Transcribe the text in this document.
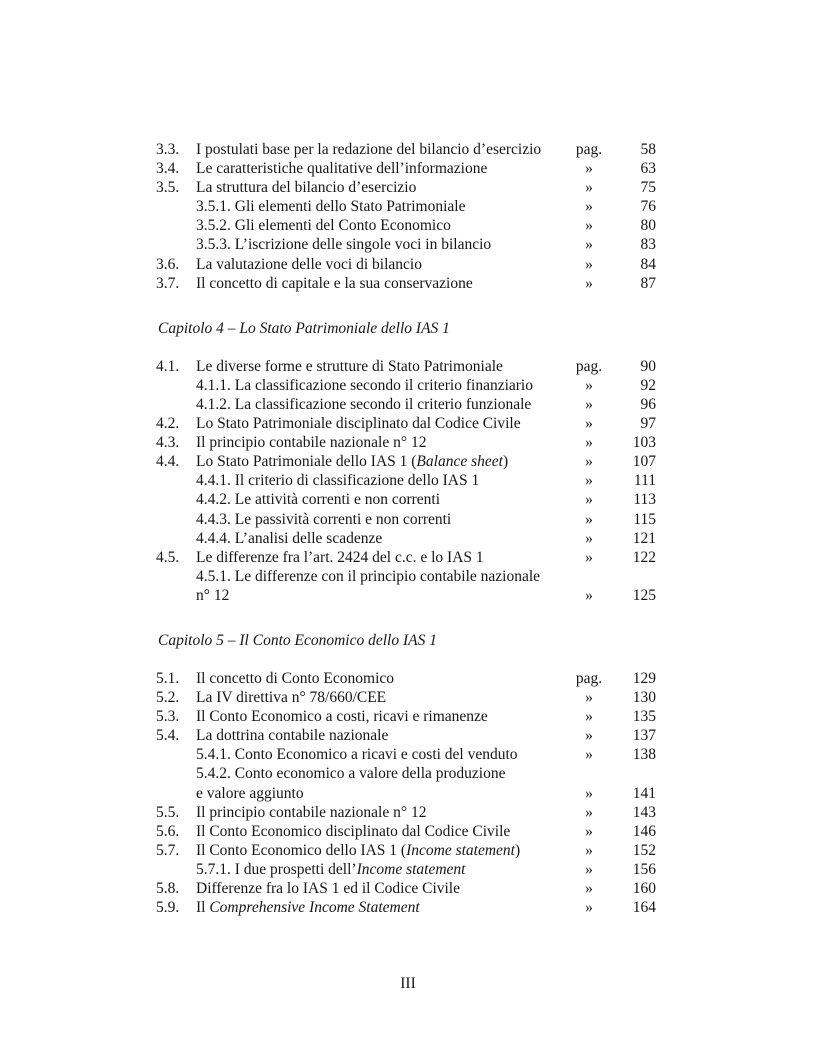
3.3.	I postulati base per la redazione del bilancio d’esercizio	pag.	58
3.4.	Le caratteristiche qualitative dell’informazione	»	63
3.5.	La struttura del bilancio d’esercizio	»	75
3.5.1. Gli elementi dello Stato Patrimoniale	»	76
3.5.2. Gli elementi del Conto Economico	»	80
3.5.3. L’iscrizione delle singole voci in bilancio	»	83
3.6.	La valutazione delle voci di bilancio	»	84
3.7.	Il concetto di capitale e la sua conservazione	»	87
Capitolo 4 – Lo Stato Patrimoniale dello IAS 1
4.1.	Le diverse forme e strutture di Stato Patrimoniale	pag.	90
4.1.1. La classificazione secondo il criterio finanziario	»	92
4.1.2. La classificazione secondo il criterio funzionale	»	96
4.2.	Lo Stato Patrimoniale disciplinato dal Codice Civile	»	97
4.3.	Il principio contabile nazionale n° 12	»	103
4.4.	Lo Stato Patrimoniale dello IAS 1 (Balance sheet)	»	107
4.4.1. Il criterio di classificazione dello IAS 1	»	111
4.4.2. Le attività correnti e non correnti	»	113
4.4.3. Le passività correnti e non correnti	»	115
4.4.4. L’analisi delle scadenze	»	121
4.5.	Le differenze fra l’art. 2424 del c.c. e lo IAS 1	»	122
4.5.1. Le differenze con il principio contabile nazionale
n° 12	»	125
Capitolo 5 – Il Conto Economico dello IAS 1
5.1.	Il concetto di Conto Economico	pag.	129
5.2.	La IV direttiva n° 78/660/CEE	»	130
5.3.	Il Conto Economico a costi, ricavi e rimanenze	»	135
5.4.	La dottrina contabile nazionale	»	137
5.4.1. Conto Economico a ricavi e costi del venduto	»	138
5.4.2. Conto economico a valore della produzione
e valore aggiunto	»	141
5.5.	Il principio contabile nazionale n° 12	»	143
5.6.	Il Conto Economico disciplinato dal Codice Civile	»	146
5.7.	Il Conto Economico dello IAS 1 (Income statement)	»	152
5.7.1. I due prospetti dell’Income statement	»	156
5.8.	Differenze fra lo IAS 1 ed il Codice Civile	»	160
5.9.	Il Comprehensive Income Statement	»	164
III
